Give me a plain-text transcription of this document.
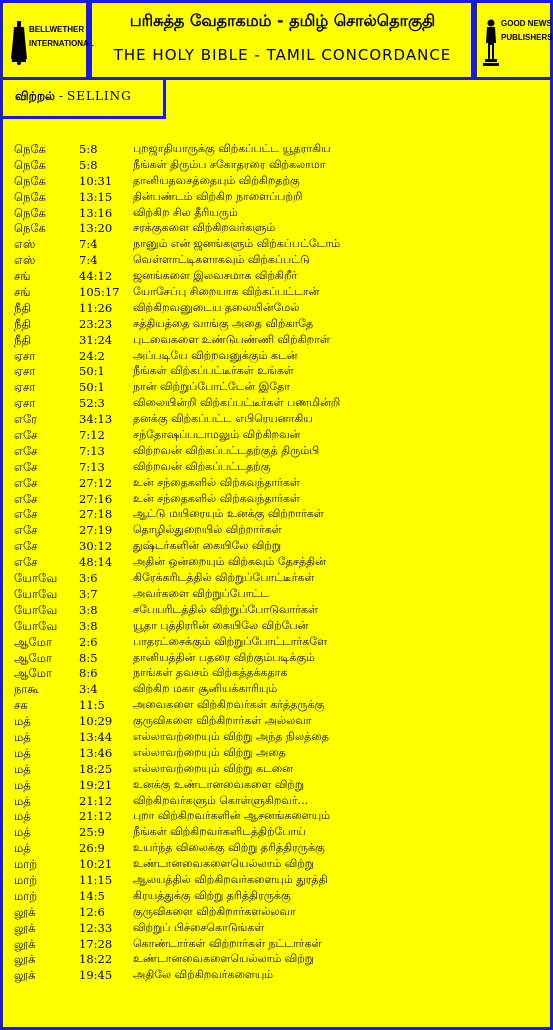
BELLWETHER
INTERNATIONAL
பரிசுத்த வேதாகமம் - தமிழ் சொல்தொகுதி
THE HOLY BIBLE - TAMIL CONCORDANCE
GOOD NEWS
PUBLISHERS
விற்றல் - SELLING
நெகே	5:8	புறஜாதியாருக்கு விற்கப்பட்ட யூதராகிய
நெகே	5:8	நீங்கள் திரும்ப சகோதரரை விற்கலாமா
நெகே	10:31 தானியதவசத்தையும் விற்கிறதற்கு
நெகே	13:15 தின்பண்டம் விற்கிற நாளைப்பற்றி
நெகே	13:16 விற்கிற சில தீரியரும்
நெகே	13:20 சரக்குகளை விற்கிறவர்களும்
எஸ்	7:4	நானும் என் ஜனங்களும் விற்கப்பட்டோம்
எஸ்	7:4	வெள்ளாட்டிகளாகவும் விற்கப்பட்டு
சங்	44:12 ஜனங்களை இலவசமாக விற்கிறீர்
சங்	105:17 யோசேப்பு சிறையாக விற்கப்பட்டான்
நீதி	11:26 விற்கிறவனுடைய தலையின்மேல்
நீதி	23:23 சத்தியத்தை வாங்கு அதை விற்காதே
நீதி	31:24 புடவைகளை உண்டுபண்ணி விற்கிறாள்
ஏசா	24:2	அப்படியே விற்றவனுக்கும் கடன்
ஏசா	50:1	நீங்கள் விற்கப்பட்டீர்கள் உங்கள்
ஏசா	50:1	நான் விற்றுப்போட்டேன் இதோ
ஏசா	52:3	விலையின்றி விற்கப்பட்டீர்கள் பணமின்றி
எரே	34:13 தனக்கு விற்கப்பட்ட எபிரெயனாகிய
எசே	7:12	சந்தோஷப்படாமலும் விற்கிறவன்
எசே	7:13	விற்றவன் விற்கப்பட்டதற்குத் திரும்பி
எசே	7:13	விற்றவன் விற்கப்பட்டதற்கு
எசே	27:12 உன் சந்தைகளில் விற்கவந்தார்கள்
எசே	27:16 உன் சந்தைகளில் விற்கவந்தார்கள்
எசே	27:18 ஆட்டு மயிரையும் உனக்கு விற்றார்கள்
எசே	27:19 தொழில்துறையில் விற்றார்கள்
எசே	30:12 துஷ்டர்களின் கையிலே விற்று
எசே	48:14 அதின் ஒன்றையும் விற்கவும் தேசத்தின்
யோவே 3:6	கிரேக்கரிடத்தில் விற்றுப்போட்டீர்கள்
யோவே 3:7	அவர்களை விற்றுப்போட்ட
யோவே 3:8	சபேயரிடத்தில் விற்றுப்போடுவார்கள்
யோவே 3:8	யூதா புத்திரரின் கையிலே விற்பேன்
ஆமோ 2:6	பாதரட்சைக்கும் விற்றுப்போட்டார்களே
ஆமோ 8:5	தானியத்தின் பதரை விற்கும்படிக்கும்
ஆமோ 8:6	நாங்கள் தவசம் விற்கத்தக்கதாக
நாகூ	3:4	விற்கிற மகா சூனியக்காரியும்
சக	11:5	அவைகளை விற்கிறவர்கள் கர்த்தருக்கு
மத்	10:29 குருவிகளை விற்கிறார்கள் அல்லவா
மத்	13:44 எல்லாவற்றையும் விற்று அந்த நிலத்தை
மத்	13:46 எல்லாவற்றையும் விற்று அதை
மத்	18:25 எல்லாவற்றையும் விற்று கடனை
மத்	19:21 உனக்கு உண்டானவைகளை விற்று
மத்	21:12 விற்கிறவர்களும் கொள்ளுகிறவர்...
மத்	21:12 புறா விற்கிறவர்களின் ஆசனங்களையும்
மத்	25:9	நீங்கள் விற்கிறவர்களிடத்திற்போய்
மத்	26:9	உயர்ந்த விலைக்கு விற்று தரித்திரருக்கு
மாற்	10:21 உண்டானவைகளையெல்லாம் விற்று
மாற்	11:15 ஆலயத்தில் விற்கிறவர்களையும் துரத்தி
மாற்	14:5	கிரயத்துக்கு விற்று தரித்திரருக்கு
லூக்	12:6	குருவிகளை விற்கிறார்களல்லவா
லூக்	12:33 விற்றுப் பிச்சைகொடுங்கள்
லூக்	17:28 கொண்டார்கள் விற்றார்கள் நட்டார்கள்
லூக்	18:22 உண்டானவைகளையெல்லாம் விற்று
லூக்	19:45 அதிலே விற்கிறவர்களையும்
